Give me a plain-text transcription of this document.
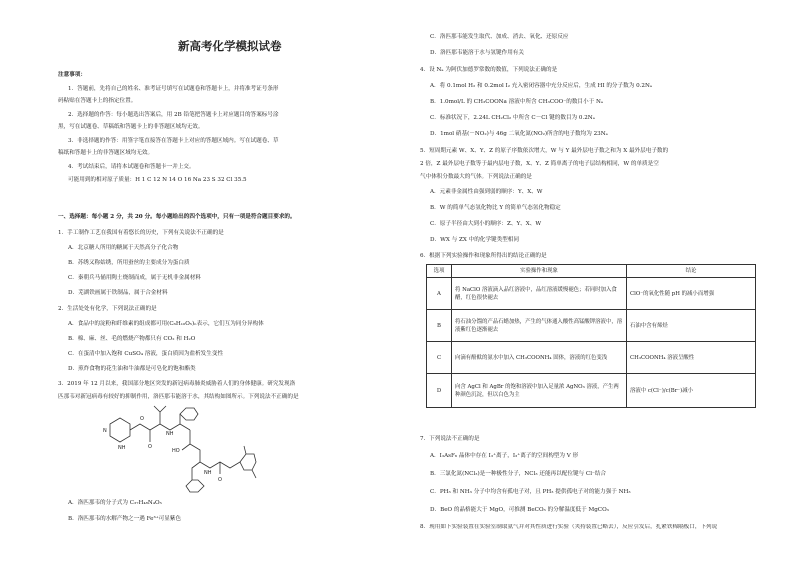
新高考化学模拟试卷
注意事项：
1．答题前，先将自己的姓名、准考证号填写在试题卷和答题卡上，并将准考证号条形
码粘贴在答题卡上的指定位置。
2．选择题的作答：每小题选出答案后，用 2B 铅笔把答题卡上对应题目的答案标号涂
黑，写在试题卷、草稿纸和答题卡上的非答题区域均无效。
3．非选择题的作答：用签字笔直接答在答题卡上对应的答题区域内。写在试题卷、草
稿纸和答题卡上的非答题区域均无效。
4．考试结束后，请将本试题卷和答题卡一并上交。
可能用到的相对原子质量：H 1 C 12 N 14 O 16 Na 23 S 32 Cl 35.5
一、选择题：每小题 2 分，共 20 分。每小题给出的四个选项中，只有一项是符合题目要求的。
1．手工制作工艺在我国有着悠长的历史，下列有关说法不正确的是
A．北京糖人所用的糖属于天然高分子化合物
B．苏绣又称姑绣，所用蚕丝的主要成分为蛋白质
C．秦朝兵马俑用陶土烧制而成，属于无机非金属材料
D．芜湖铁画属于铁制品，属于合金材料
2．生活处处有化学，下列说法正确的是
A．食品中的淀粉和纤维素的组成都可用(C₆H₁₀O₅)ₙ表示，它们互为同分异构体
B．棉、麻、丝、毛的燃烧产物都只有 CO₂ 和 H₂O
C．在蛋清中加入饱和 CuSO₄ 溶液，蛋白质因为盐析发生变性
D．煎炸食物的花生油和牛油都是可皂化的饱和酯类
3．2019 年 12 月以来，我国部分地区突发的新冠病毒肺炎威胁着人们的身体健康。研究发现洛
匹那韦对新冠病毒有较好的抑制作用，洛匹那韦能溶于水，其结构如图所示。下列说法不正确的是
N
NH	O
NH
O
HO
NH
O
A．洛匹那韦的分子式为 C₃₇H₄₈N₄O₅
B．洛匹那韦的水解产物之一遇 Fe³⁺可显紫色
C．洛匹那韦能发生取代、加成、消去、氧化、还原反应
D．洛匹那韦能溶于水与氢键作用有关
4．设 Nₐ 为阿伏加德罗常数的数值，下列说法正确的是
A．将 0.1mol H₂ 和 0.2mol I₂ 充入密闭容器中充分反应后，生成 HI 的分子数为 0.2Nₐ
B．1.0mol/L 的 CH₃COONa 溶液中所含 CH₃COO⁻的数目小于 Nₐ
C．标准状况下，2.24L CH₂Cl₂ 中所含 C－Cl 键的数目为 0.2Nₐ
D．1mol 硝基(－NO₂)与 46g 二氧化氮(NO₂)所含的电子数均为 23Nₐ
5．短周期元素 W、X、Y、Z 的原子序数依次增大，W 与 Y 最外层电子数之和为 X 最外层电子数的
2 倍，Z 最外层电子数等于最内层电子数，X、Y、Z 简单离子的电子层结构相同，W 的单质是空
气中体积分数最大的气体。下列说法正确的是
A．元素非金属性由强到弱的顺序：Y、X、W
B．W 的简单气态氢化物比 Y 的简单气态氢化物稳定
C．原子半径由大到小的顺序：Z、Y、X、W
D．WX 与 ZX 中的化学键类型相同
6．根据下列实验操作和现象所得出的结论正确的是
选项	实验操作和现象	结论
A	将 NaClO 溶液滴入品红溶液中，品红溶液缓慢褪色；若同时加入食醋，红色很快褪去	ClO⁻的氧化性随 pH 的减小而增强
B	将石油分馏的产品石蜡加热，产生的气体通入酸性高锰酸钾溶液中，溶液紫红色逐渐褪去	石油中含有烯烃
C	向滴有酚酞的氨水中加入 CH₃COONH₄ 固体，溶液的红色变浅	CH₃COONH₄ 溶液呈酸性
D	向含 AgCl 和 AgBr 的饱和溶液中加入足量浓 AgNO₃ 溶液，产生两种颜色沉淀，但以白色为主	溶液中 c(Cl⁻)/c(Br⁻)减小
7．下列说法不正确的是
A．I₃AsF₆ 晶体中存在 I₃⁺离子，I₃⁺离子的空间构型为 V 形
B．三氯化氮(NCl₃)是一种极性分子，NCl₃ 还能再以配位键与 Cl⁻结合
C．PH₃ 和 NH₃ 分子中均含有孤电子对，且 PH₃ 提供孤电子对的能力强于 NH₃
D．BeO 的晶格能大于 MgO，可推测 BeCO₃ 的分解温度低于 MgCO₃
8．现用如下实验装置在实验室制取氨气并对其性质进行实验（夹持装置已略去），反应引发后，扎紧铁棉隔板口，下列说
